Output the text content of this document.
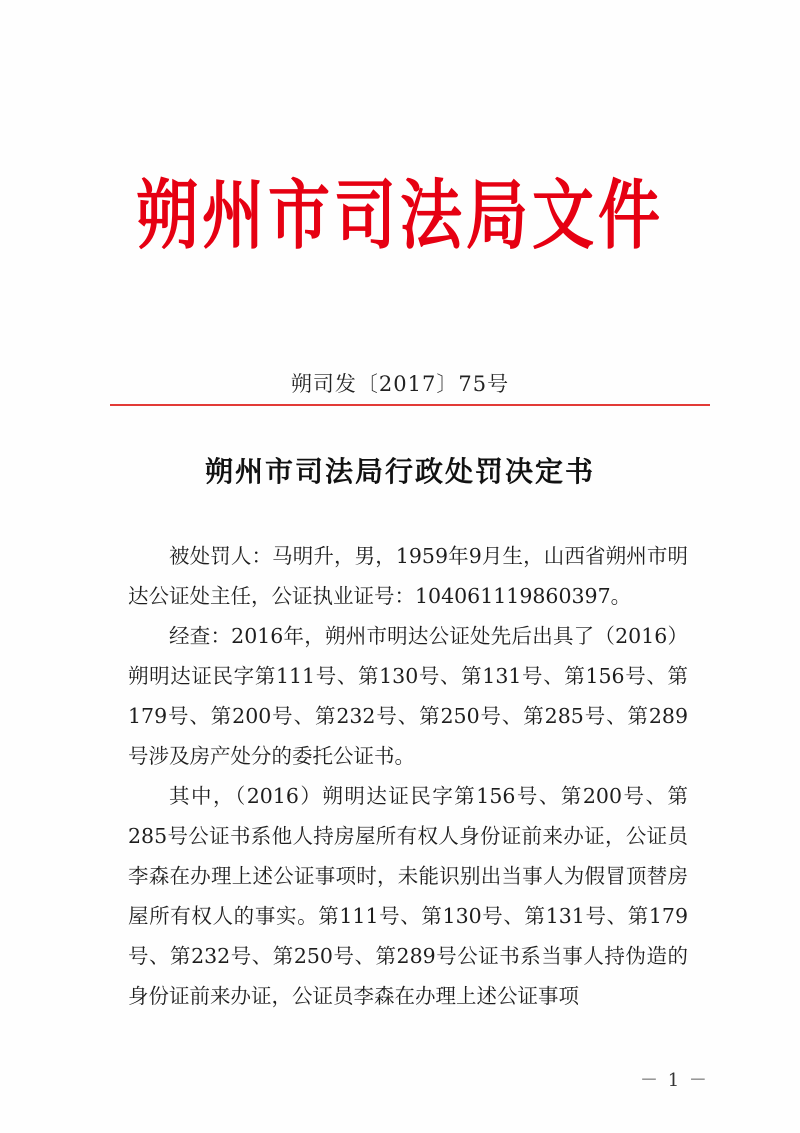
朔州市司法局文件
朔司发〔2017〕75号
朔州市司法局行政处罚决定书

被处罚人：马明升，男，1959年9月生，山西省朔州市明达公证处主任，公证执业证号：104061119860397。

经查：2016年，朔州市明达公证处先后出具了（2016）朔明达证民字第111号、第130号、第131号、第156号、第179号、第200号、第232号、第250号、第285号、第289号涉及房产处分的委托公证书。

其中，（2016）朔明达证民字第156号、第200号、第285号公证书系他人持房屋所有权人身份证前来办证，公证员李森在办理上述公证事项时，未能识别出当事人为假冒顶替房屋所有权人的事实。第111号、第130号、第131号、第179号、第232号、第250号、第289号公证书系当事人持伪造的身份证前来办证，公证员李森在办理上述公证事项

－ 1 －
